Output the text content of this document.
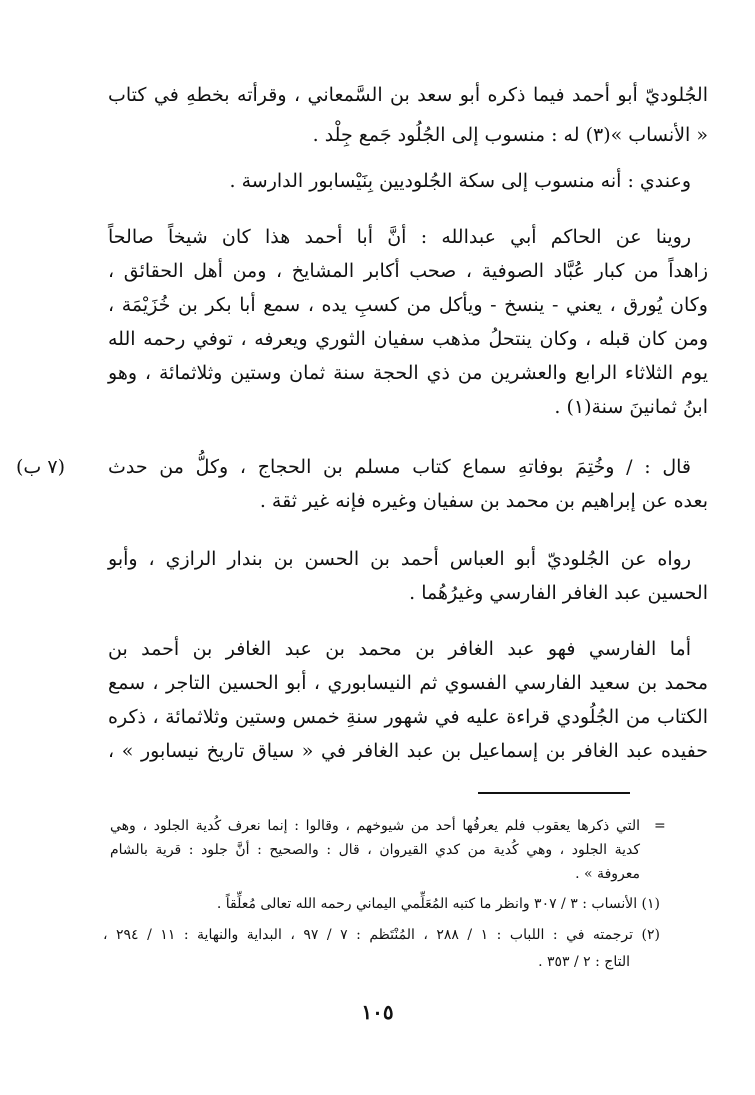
الجُلوديّ أبو أحمد فيما ذكره أبو سعد بن السَّمعاني ، وقرأته بخطهِ في كتاب
« الأنساب »(٣) له : منسوب إلى الجُلُود جَمع جِلْد .
وعندي : أنه منسوب إلى سكة الجُلوديين بِنَيْسابور الدارسة .
روينا عن الحاكم أبي عبدالله : أنَّ أبا أحمد هذا كان شيخاً صالحاً
زاهداً من كبار عُبَّاد الصوفية ، صحب أكابر المشايخ ، ومن أهل الحقائق ،
وكان يُورق ، يعني - ينسخ - ويأكل من كسبِ يده ، سمع أبا بكر بن خُزَيْمَة ،
ومن كان قبله ، وكان ينتحلُ مذهب سفيان الثوري ويعرفه ، توفي رحمه الله
يوم الثلاثاء الرابع والعشرين من ذي الحجة سنة ثمان وستين وثلاثمائة ، وهو
ابنُ ثمانينَ سنة(١) .
قال : / وخُتِمَ بوفاتهِ سماع كتاب مسلم بن الحجاج ، وكلُّ من حدث
(٧ ب)
بعده عن إبراهيم بن محمد بن سفيان وغيره فإنه غير ثقة .
رواه عن الجُلوديّ أبو العباس أحمد بن الحسن بن بندار الرازي ، وأبو
الحسين عبد الغافر الفارسي وغيرُهُما .
أما الفارسي فهو عبد الغافر بن محمد بن عبد الغافر بن أحمد بن
محمد بن سعيد الفارسي الفسوي ثم النيسابوري ، أبو الحسين التاجر ، سمع
الكتاب من الجُلُودي قراءة عليه في شهور سنةِ خمس وستين وثلاثمائة ، ذكره
حفيده عبد الغافر بن إسماعيل بن عبد الغافر في « سياق تاريخ نيسابور » ،
=
التي ذكرها يعقوب فلم يعرفُها أحد من شيوخهم ، وقالوا : إنما نعرف كُدية الجلود ، وهي
كدية الجلود ، وهي كُدية من كدي القيروان ، قال : والصحيح : أنَّ جلود : قرية بالشام
معروفة » .
(١) الأنساب : ٣ / ٣٠٧ وانظر ما كتبه المُعَلِّمي اليماني رحمه الله تعالى مُعلِّقاً .
(٢) ترجمته في : اللباب : ١ / ٢٨٨ ، المُنْتَظم : ٧ / ٩٧ ، البداية والنهاية : ١١ / ٢٩٤ ،
التاج : ٢ / ٣٥٣ .
١٠٥
